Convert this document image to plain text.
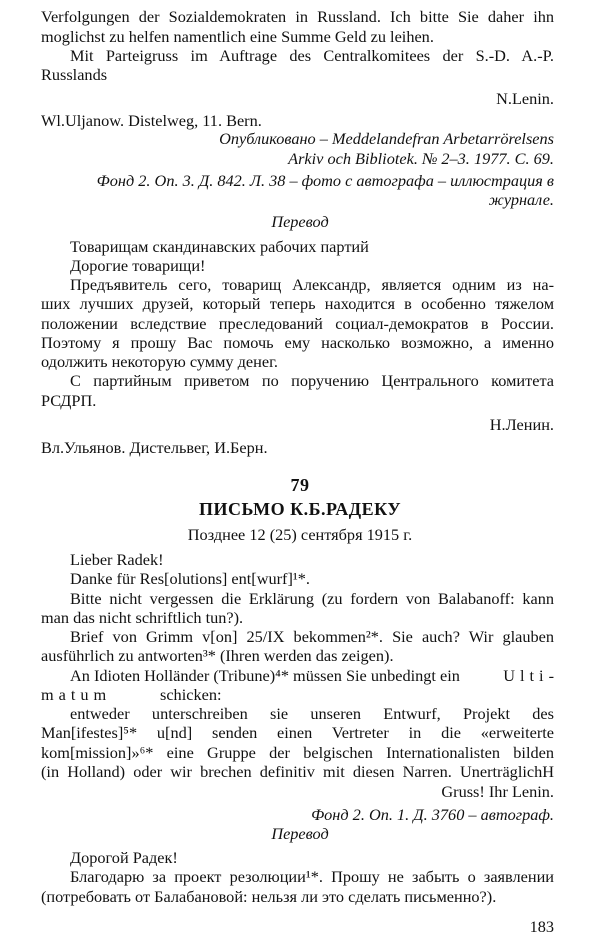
Verfolgungen der Sozialdemokraten in Russland. Ich bitte Sie daher ihn
moglichst zu helfen namentlich eine Summe Geld zu leihen.
Mit Parteigruss im Auftrage des Centralkomitees der S.-D. A.-P.
Russlands
N.Lenin.
Wl.Uljanow. Distelweg, 11. Bern.
Опубликовано – Meddelandefran Arbetarrörelsens
Arkiv och Bibliotek. № 2–3. 1977. С. 69.
Фонд 2. Оп. 3. Д. 842. Л. 38 – фото с автографа – иллюстрация в
журнале.
Перевод
Товарищам скандинавских рабочих партий
Дорогие товарищи!
Предъявитель сего, товарищ Александр, является одним из на-
ших лучших друзей, который теперь находится в особенно тяжелом
положении вследствие преследований социал-демократов в России.
Поэтому я прошу Вас помочь ему насколько возможно, а именно
одолжить некоторую сумму денег.
С партийным приветом по поручению Центрального комитета
РСДРП.
Н.Ленин.
Вл.Ульянов. Дистельвег, И.Берн.
79
ПИСЬМО К.Б.РАДЕКУ
Позднее 12 (25) сентября 1915 г.
Lieber Radek!
Danke für Res[olutions] ent[wurf]¹*.
Bitte nicht vergessen die Erklärung (zu fordern von Balabanoff: kann
man das nicht schriftlich tun?).
Brief von Grimm v[on] 25/IX bekommen²*. Sie auch? Wir glauben
ausführlich zu antworten³* (Ihren werden das zeigen).
An Idioten Holländer (Tribune)⁴* müssen Sie unbedingt ein	Ulti-
matum	schicken:
entweder unterschreiben sie unseren Entwurf, Projekt des
Man[ifestes]⁵* u[nd] senden einen Vertreter in die «erweiterte
kom[mission]»⁶* eine Gruppe der belgischen Internationalisten bilden
(in Holland) oder wir brechen definitiv mit diesen Narren. UnerträglichH
Gruss! Ihr Lenin.
Фонд 2. Оп. 1. Д. 3760 – автограф.
Перевод
Дорогой Радек!
Благодарю за проект резолюции¹*. Прошу не забыть о заявлении
(потребовать от Балабановой: нельзя ли это сделать письменно?).
183
